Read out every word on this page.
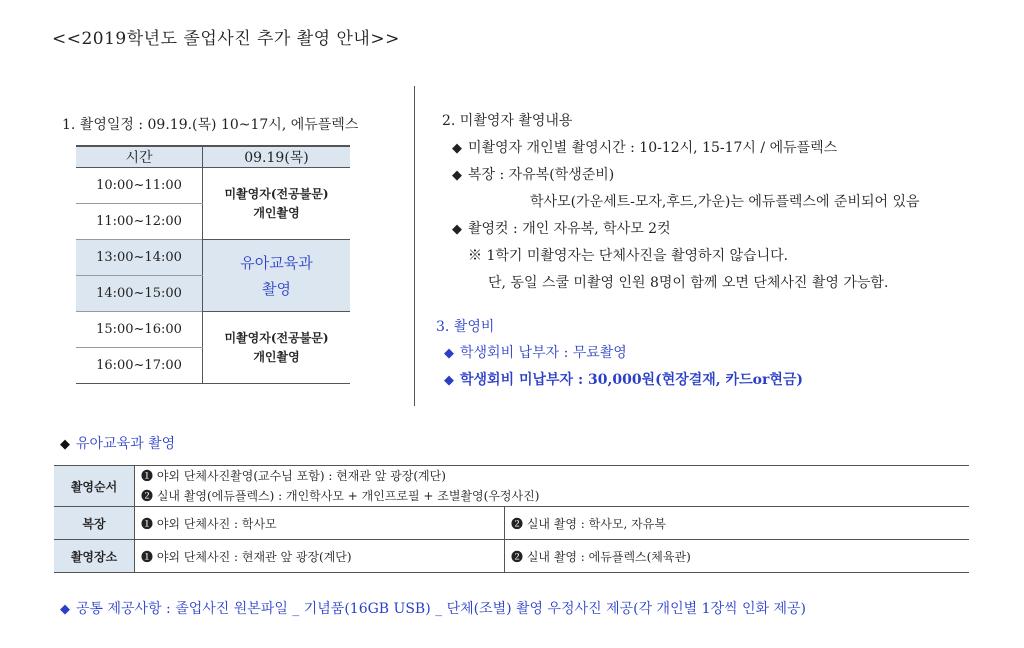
<<2019학년도 졸업사진 추가 촬영 안내>>
1. 촬영일정 : 09.19.(목) 10~17시, 에듀플렉스
시간	09.19(목)
10:00~11:00	미촬영자(전공불문)
개인촬영

11:00~12:00	
13:00~14:00	유아교육과
촬영

14:00~15:00	
15:00~16:00	미촬영자(전공불문)
개인촬영

16:00~17:00	
2. 미촬영자 촬영내용
◆ 미촬영자 개인별 촬영시간 : 10-12시, 15-17시 / 에듀플렉스
◆ 복장 : 자유복(학생준비)
학사모(가운세트-모자,후드,가운)는 에듀플렉스에 준비되어 있음
◆ 촬영컷 : 개인 자유복, 학사모 2컷
※ 1학기 미촬영자는 단체사진을 촬영하지 않습니다.
단, 동일 스쿨 미촬영 인원 8명이 함께 오면 단체사진 촬영 가능함.
3. 촬영비
◆ 학생회비 납부자 : 무료촬영
◆ 학생회비 미납부자 : 30,000원(현장결재, 카드or현금)
◆ 유아교육과 촬영
촬영순서	❶ 야외 단체사진촬영(교수님 포함) : 현재관 앞 광장(계단)
❷ 실내 촬영(에듀플렉스) : 개인학사모 + 개인프로필 + 조별촬영(우정사진)	

복장	❶ 야외 단체사진 : 학사모	❷ 실내 촬영 : 학사모, 자유복
촬영장소	❶ 야외 단체사진 : 현재관 앞 광장(계단)	❷ 실내 촬영 : 에듀플렉스(체육관)
◆ 공통 제공사항 : 졸업사진 원본파일 _ 기념품(16GB USB) _ 단체(조별) 촬영 우정사진 제공(각 개인별 1장씩 인화 제공)
